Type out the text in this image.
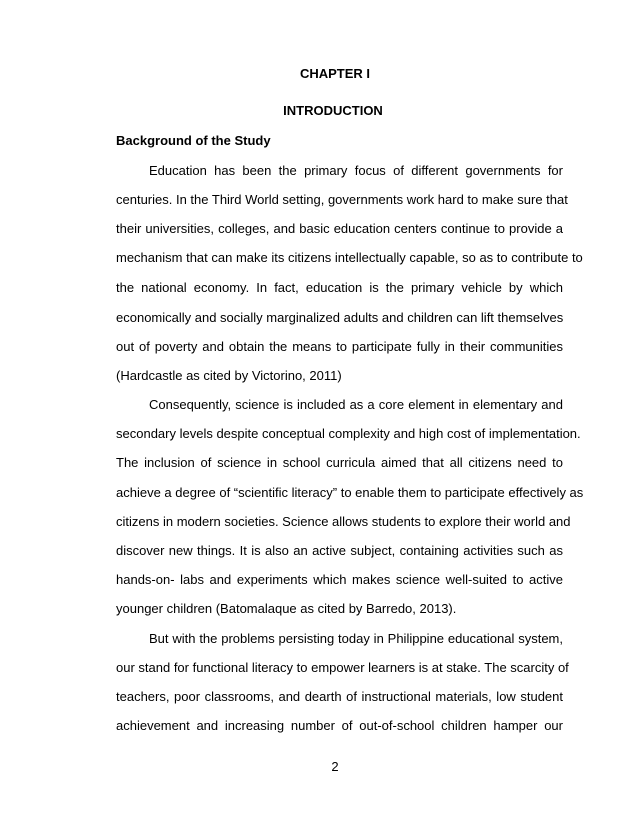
CHAPTER I
INTRODUCTION
Background of the Study
Education has been the primary focus of different governments for
centuries. In the Third World setting, governments work hard to make sure that
their universities, colleges, and basic education centers continue to provide a
mechanism that can make its citizens intellectually capable, so as to contribute to
the national economy. In fact, education is the primary vehicle by which
economically and socially marginalized adults and children can lift themselves
out of poverty and obtain the means to participate fully in their communities
(Hardcastle as cited by Victorino, 2011)
Consequently, science is included as a core element in elementary and
secondary levels despite conceptual complexity and high cost of implementation.
The inclusion of science in school curricula aimed that all citizens need to
achieve a degree of “scientific literacy” to enable them to participate effectively as
citizens in modern societies. Science allows students to explore their world and
discover new things. It is also an active subject, containing activities such as
hands-on- labs and experiments which makes science well-suited to active
younger children (Batomalaque as cited by Barredo, 2013).
But with the problems persisting today in Philippine educational system,
our stand for functional literacy to empower learners is at stake. The scarcity of
teachers, poor classrooms, and dearth of instructional materials, low student
achievement and increasing number of out-of-school children hamper our
2
